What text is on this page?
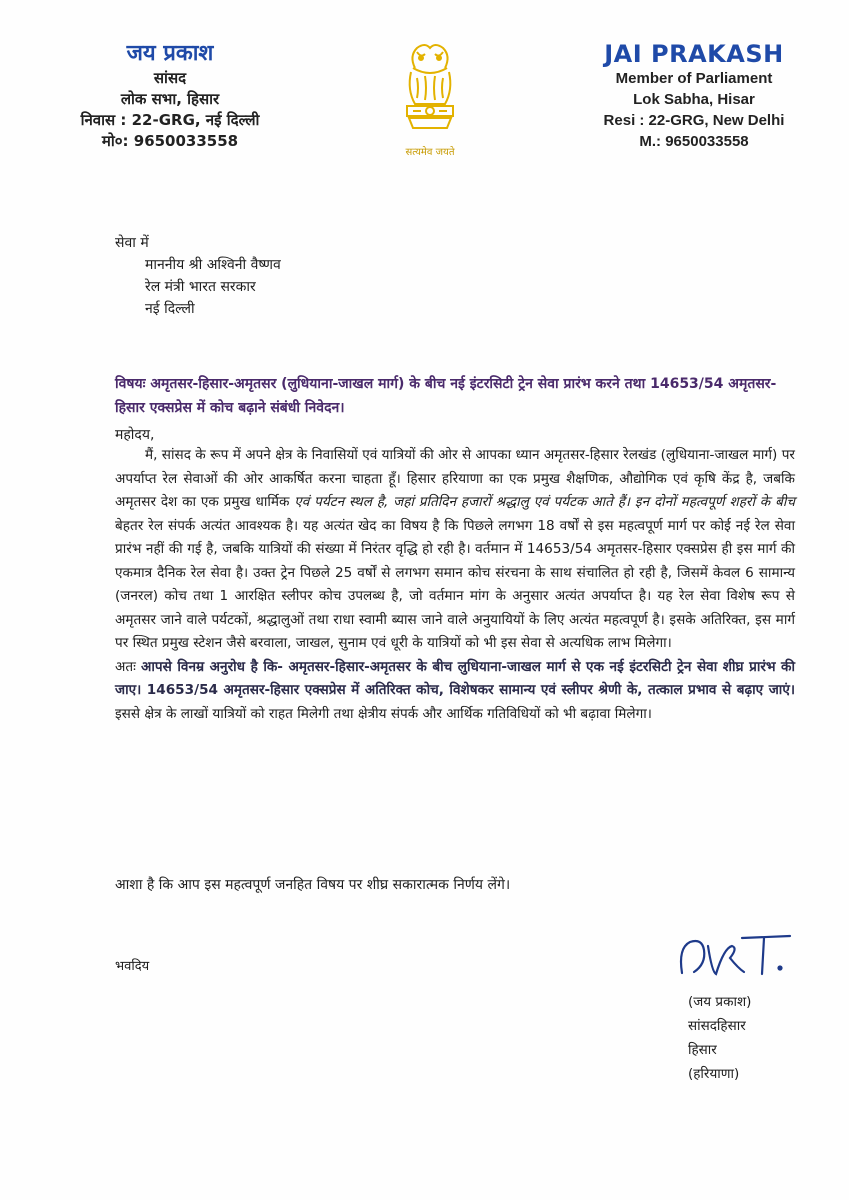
जय प्रकाश
सांसद
लोक सभा, हिसार
निवास : 22-GRG, नई दिल्ली
मो०: 9650033558
सत्यमेव जयते
JAI PRAKASH
Member of Parliament
Lok Sabha, Hisar
Resi : 22-GRG, New Delhi
M.: 9650033558
सेवा में
माननीय श्री अश्विनी वैष्णव
रेल मंत्री भारत सरकार
नई दिल्ली
विषयः अमृतसर-हिसार-अमृतसर (लुधियाना-जाखल मार्ग) के बीच नई इंटरसिटी ट्रेन सेवा प्रारंभ करने तथा 14653/54 अमृतसर-हिसार एक्सप्रेस में कोच बढ़ाने संबंधी निवेदन।
महोदय,

मैं, सांसद के रूप में अपने क्षेत्र के निवासियों एवं यात्रियों की ओर से आपका ध्यान अमृतसर-हिसार रेलखंड (लुधियाना-जाखल मार्ग) पर अपर्याप्त रेल सेवाओं की ओर आकर्षित करना चाहता हूँ। हिसार हरियाणा का एक प्रमुख शैक्षणिक, औद्योगिक एवं कृषि केंद्र है, जबकि अमृतसर देश का एक प्रमुख धार्मिक एवं पर्यटन स्थल है, जहां प्रतिदिन हजारों श्रद्धालु एवं पर्यटक आते हैं। इन दोनों महत्वपूर्ण शहरों के बीच बेहतर रेल संपर्क अत्यंत आवश्यक है। यह अत्यंत खेद का विषय है कि पिछले लगभग 18 वर्षों से इस महत्वपूर्ण मार्ग पर कोई नई रेल सेवा प्रारंभ नहीं की गई है, जबकि यात्रियों की संख्या में निरंतर वृद्धि हो रही है। वर्तमान में 14653/54 अमृतसर-हिसार एक्सप्रेस ही इस मार्ग की एकमात्र दैनिक रेल सेवा है। उक्त ट्रेन पिछले 25 वर्षों से लगभग समान कोच संरचना के साथ संचालित हो रही है, जिसमें केवल 6 सामान्य (जनरल) कोच तथा 1 आरक्षित स्लीपर कोच उपलब्ध है, जो वर्तमान मांग के अनुसार अत्यंत अपर्याप्त है। यह रेल सेवा विशेष रूप से अमृतसर जाने वाले पर्यटकों, श्रद्धालुओं तथा राधा स्वामी ब्यास जाने वाले अनुयायियों के लिए अत्यंत महत्वपूर्ण है। इसके अतिरिक्त, इस मार्ग पर स्थित प्रमुख स्टेशन जैसे बरवाला, जाखल, सुनाम एवं धूरी के यात्रियों को भी इस सेवा से अत्यधिक लाभ मिलेगा।

अतः आपसे विनम्र अनुरोध है कि- अमृतसर-हिसार-अमृतसर के बीच लुधियाना-जाखल मार्ग से एक नई इंटरसिटी ट्रेन सेवा शीघ्र प्रारंभ की जाए। 14653/54 अमृतसर-हिसार एक्सप्रेस में अतिरिक्त कोच, विशेषकर सामान्य एवं स्लीपर श्रेणी के, तत्काल प्रभाव से बढ़ाए जाएं। इससे क्षेत्र के लाखों यात्रियों को राहत मिलेगी तथा क्षेत्रीय संपर्क और आर्थिक गतिविधियों को भी बढ़ावा मिलेगा।

आशा है कि आप इस महत्वपूर्ण जनहित विषय पर शीघ्र सकारात्मक निर्णय लेंगे।
भवदिय
(जय प्रकाश)
सांसदहिसार
हिसार
(हरियाणा)
